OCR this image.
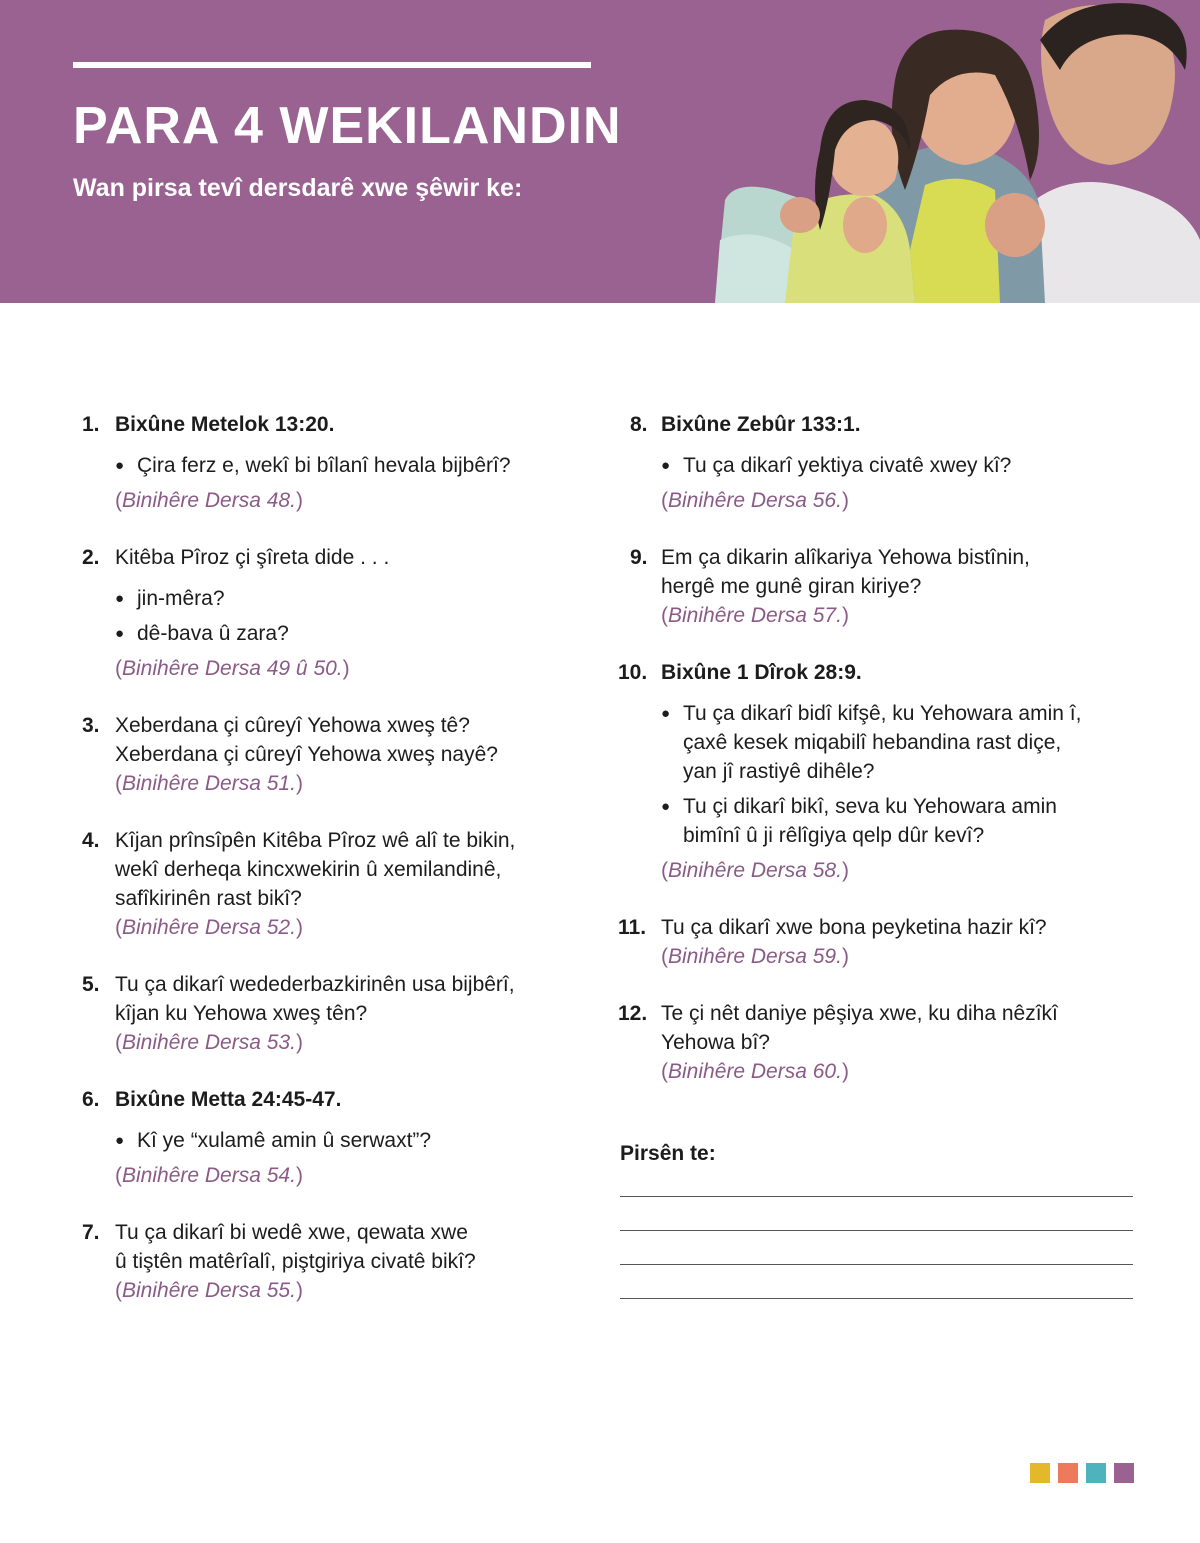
PARA 4 WEKILANDIN

Wan pirsa tevî dersdarê xwe şêwir ke:

1. Bixûne Metelok 13:20.
● Çira ferz e, wekî bi bîlanî hevala bijbêrî?
(Binihêre Dersa 48.)
2. Kitêba Pîroz çi şîreta dide . . .
● jin-mêra?
● dê-bava û zara?
(Binihêre Dersa 49 û 50.)
3. Xeberdana çi cûreyî Yehowa xweş tê?
Xeberdana çi cûreyî Yehowa xweş nayê?
(Binihêre Dersa 51.)
4. Kîjan prînsîpên Kitêba Pîroz wê alî te bikin,
wekî derheqa kincxwekirin û xemilandinê,
safîkirinên rast bikî?
(Binihêre Dersa 52.)
5. Tu ça dikarî wedederbazkirinên usa bijbêrî,
kîjan ku Yehowa xweş tên?
(Binihêre Dersa 53.)
6. Bixûne Metta 24:45-47.
● Kî ye “xulamê amin û serwaxt”?
(Binihêre Dersa 54.)
7. Tu ça dikarî bi wedê xwe, qewata xwe
û tiştên matêrîalî, piştgiriya civatê bikî?
(Binihêre Dersa 55.)
8. Bixûne Zebûr 133:1.
● Tu ça dikarî yektiya civatê xwey kî?
(Binihêre Dersa 56.)
9. Em ça dikarin alîkariya Yehowa bistînin,
hergê me gunê giran kiriye?
(Binihêre Dersa 57.)
10. Bixûne 1 Dîrok 28:9.
● Tu ça dikarî bidî kifşê, ku Yehowara amin î,
çaxê kesek miqabilî hebandina rast diçe,
yan jî rastiyê dihêle?
● Tu çi dikarî bikî, seva ku Yehowara amin
bimînî û ji rêlîgiya qelp dûr kevî?
(Binihêre Dersa 58.)
11. Tu ça dikarî xwe bona peyketina hazir kî?
(Binihêre Dersa 59.)
12. Te çi nêt daniye pêşiya xwe, ku diha nêzîkî
Yehowa bî?
(Binihêre Dersa 60.)
Pirsên te:
